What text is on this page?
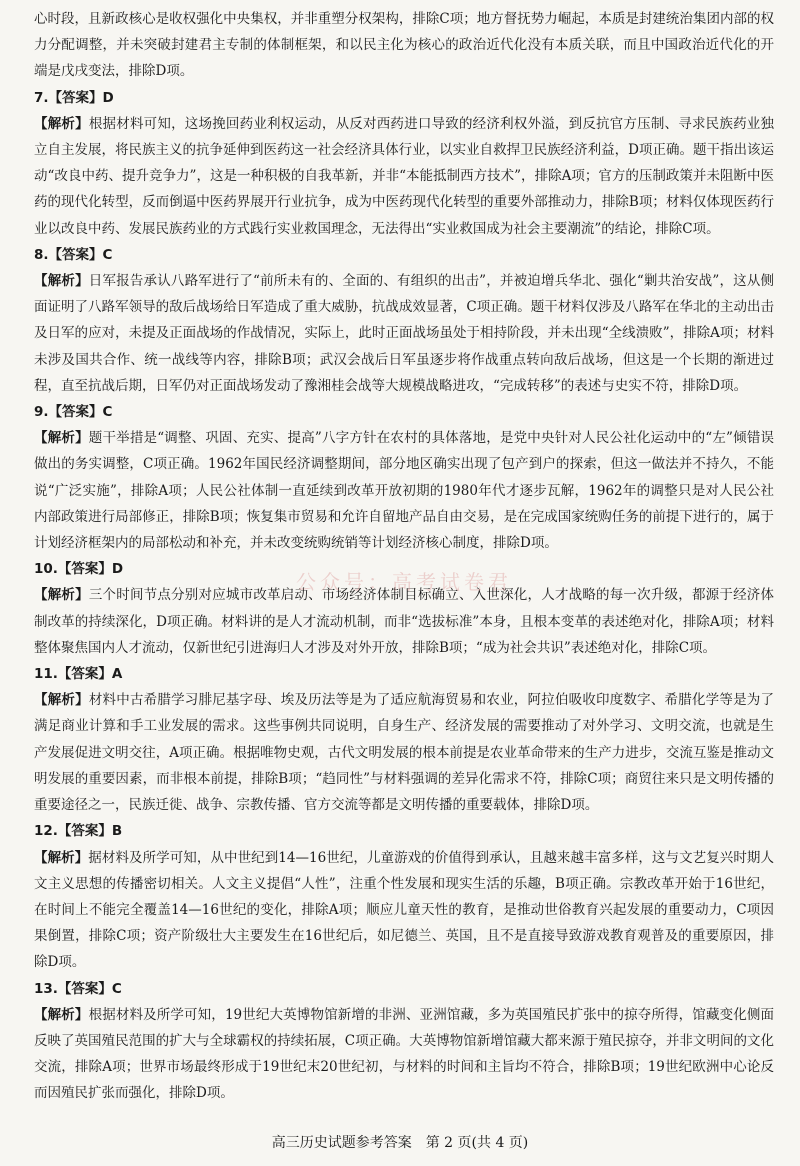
心时段，且新政核心是收权强化中央集权，并非重塑分权架构，排除C项；地方督抚势力崛起，本质是封建统治集团内部的权力分配调整，并未突破封建君主专制的体制框架，和以民主化为核心的政治近代化没有本质关联，而且中国政治近代化的开端是戊戌变法，排除D项。

7.【答案】D

【解析】根据材料可知，这场挽回药业利权运动，从反对西药进口导致的经济利权外溢，到反抗官方压制、寻求民族药业独立自主发展，将民族主义的抗争延伸到医药这一社会经济具体行业，以实业自救捍卫民族经济利益，D项正确。题干指出该运动“改良中药、提升竞争力”，这是一种积极的自我革新，并非“本能抵制西方技术”，排除A项；官方的压制政策并未阻断中医药的现代化转型，反而倒逼中医药界展开行业抗争，成为中医药现代化转型的重要外部推动力，排除B项；材料仅体现医药行业以改良中药、发展民族药业的方式践行实业救国理念，无法得出“实业救国成为社会主要潮流”的结论，排除C项。

8.【答案】C

【解析】日军报告承认八路军进行了“前所未有的、全面的、有组织的出击”，并被迫增兵华北、强化“剿共治安战”，这从侧面证明了八路军领导的敌后战场给日军造成了重大威胁，抗战成效显著，C项正确。题干材料仅涉及八路军在华北的主动出击及日军的应对，未提及正面战场的作战情况，实际上，此时正面战场虽处于相持阶段，并未出现“全线溃败”，排除A项；材料未涉及国共合作、统一战线等内容，排除B项；武汉会战后日军虽逐步将作战重点转向敌后战场，但这是一个长期的渐进过程，直至抗战后期，日军仍对正面战场发动了豫湘桂会战等大规模战略进攻，“完成转移”的表述与史实不符，排除D项。

9.【答案】C

【解析】题干举措是“调整、巩固、充实、提高”八字方针在农村的具体落地，是党中央针对人民公社化运动中的“左”倾错误做出的务实调整，C项正确。1962年国民经济调整期间，部分地区确实出现了包产到户的探索，但这一做法并不持久，不能说“广泛实施”，排除A项；人民公社体制一直延续到改革开放初期的1980年代才逐步瓦解，1962年的调整只是对人民公社内部政策进行局部修正，排除B项；恢复集市贸易和允许自留地产品自由交易，是在完成国家统购任务的前提下进行的，属于计划经济框架内的局部松动和补充，并未改变统购统销等计划经济核心制度，排除D项。

10.【答案】D

【解析】三个时间节点分别对应城市改革启动、市场经济体制目标确立、入世深化，人才战略的每一次升级，都源于经济体制改革的持续深化，D项正确。材料讲的是人才流动机制，而非“选拔标准”本身，且根本变革的表述绝对化，排除A项；材料整体聚焦国内人才流动，仅新世纪引进海归人才涉及对外开放，排除B项；“成为社会共识”表述绝对化，排除C项。

11.【答案】A

【解析】材料中古希腊学习腓尼基字母、埃及历法等是为了适应航海贸易和农业，阿拉伯吸收印度数字、希腊化学等是为了满足商业计算和手工业发展的需求。这些事例共同说明，自身生产、经济发展的需要推动了对外学习、文明交流，也就是生产发展促进文明交往，A项正确。根据唯物史观，古代文明发展的根本前提是农业革命带来的生产力进步，交流互鉴是推动文明发展的重要因素，而非根本前提，排除B项；“趋同性”与材料强调的差异化需求不符，排除C项；商贸往来只是文明传播的重要途径之一，民族迁徙、战争、宗教传播、官方交流等都是文明传播的重要载体，排除D项。

12.【答案】B

【解析】据材料及所学可知，从中世纪到14—16世纪，儿童游戏的价值得到承认，且越来越丰富多样，这与文艺复兴时期人文主义思想的传播密切相关。人文主义提倡“人性”，注重个性发展和现实生活的乐趣，B项正确。宗教改革开始于16世纪，在时间上不能完全覆盖14—16世纪的变化，排除A项；顺应儿童天性的教育，是推动世俗教育兴起发展的重要动力，C项因果倒置，排除C项；资产阶级壮大主要发生在16世纪后，如尼德兰、英国，且不是直接导致游戏教育观普及的重要原因，排除D项。

13.【答案】C

【解析】根据材料及所学可知，19世纪大英博物馆新增的非洲、亚洲馆藏，多为英国殖民扩张中的掠夺所得，馆藏变化侧面反映了英国殖民范围的扩大与全球霸权的持续拓展，C项正确。大英博物馆新增馆藏大都来源于殖民掠夺，并非文明间的文化交流，排除A项；世界市场最终形成于19世纪末20世纪初，与材料的时间和主旨均不符合，排除B项；19世纪欧洲中心论反而因殖民扩张而强化，排除D项。

公众号：高考试卷君
高三历史试题参考答案　第 2 页(共 4 页)
